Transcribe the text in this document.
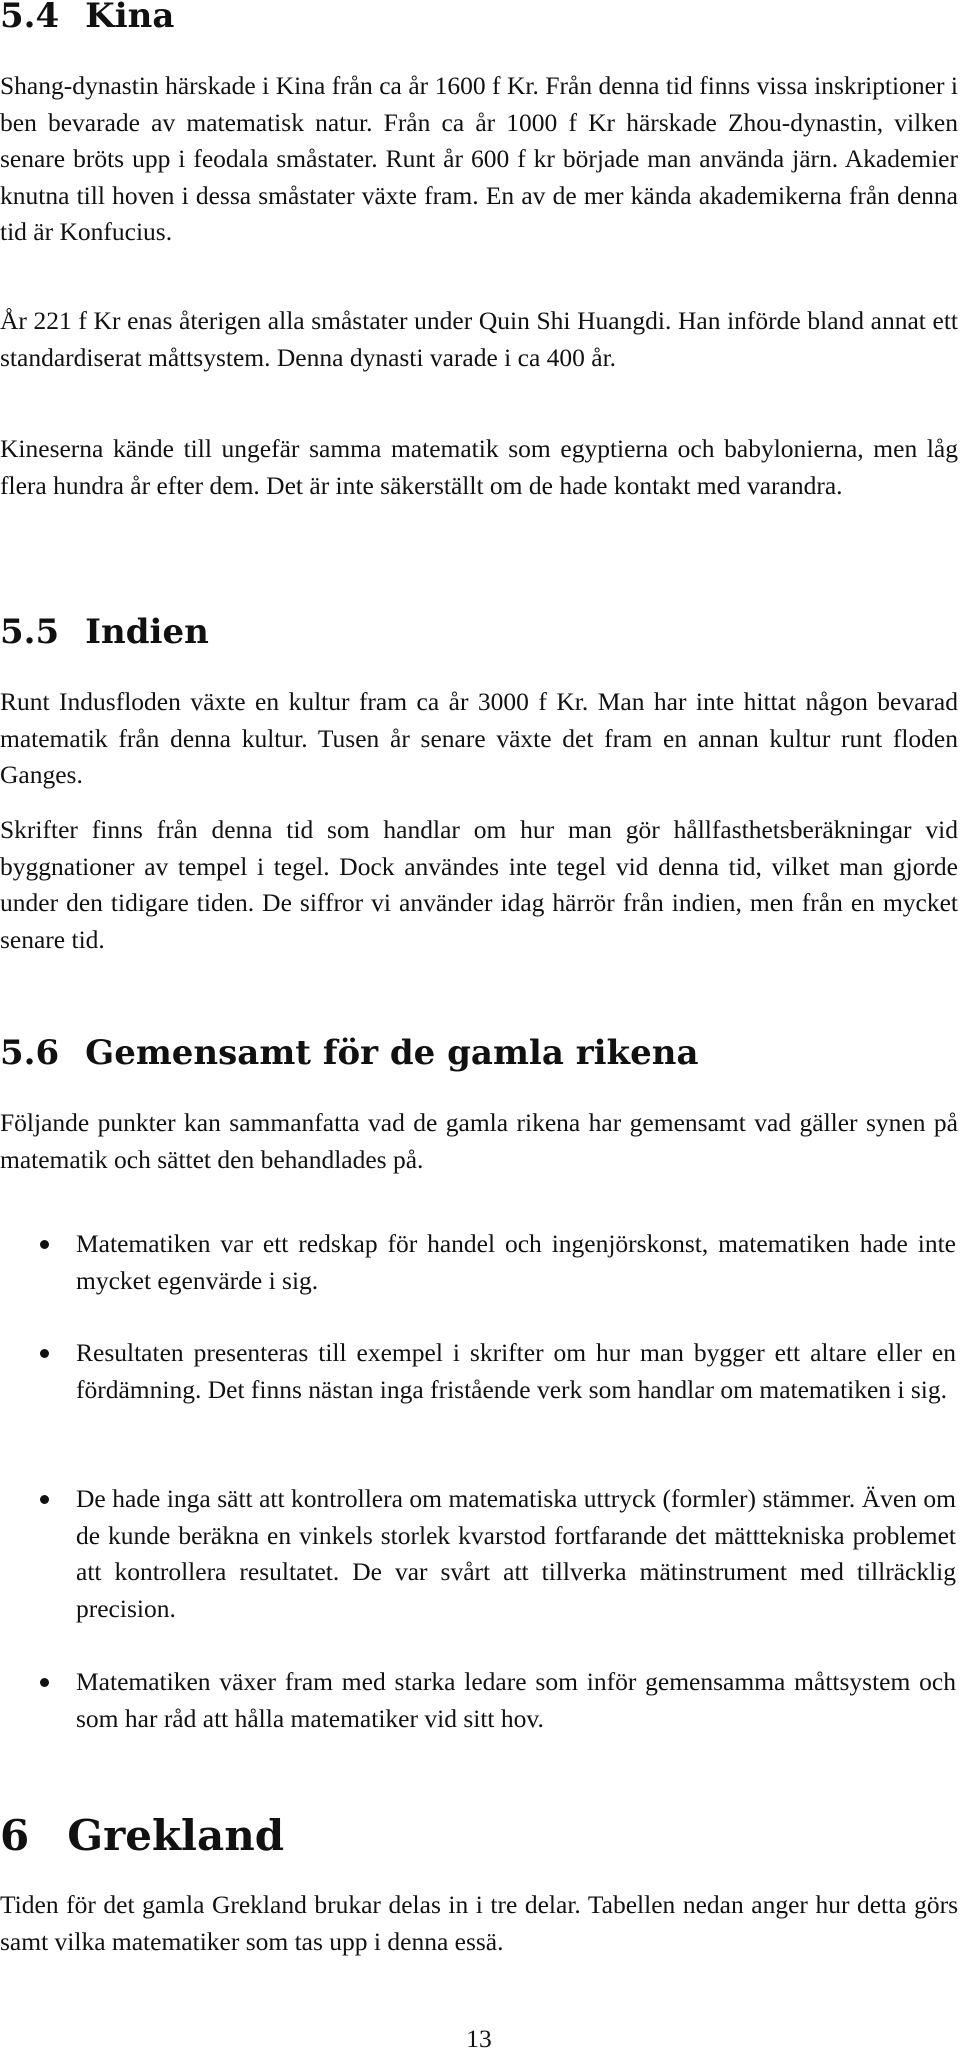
5.4 Kina

Shang-dynastin härskade i Kina från ca år 1600 f Kr. Från denna tid finns vissa inskriptioner i ben bevarade av matematisk natur. Från ca år 1000 f Kr härskade Zhou-dynastin, vilken senare bröts upp i feodala småstater. Runt år 600 f kr började man använda järn. Akademier knutna till hoven i dessa småstater växte fram. En av de mer kända akademikerna från denna tid är Konfucius.

År 221 f Kr enas återigen alla småstater under Quin Shi Huangdi. Han införde bland annat ett standardiserat måttsystem. Denna dynasti varade i ca 400 år.

Kineserna kände till ungefär samma matematik som egyptierna och babylonierna, men låg flera hundra år efter dem. Det är inte säkerställt om de hade kontakt med varandra.

5.5 Indien

Runt Indusfloden växte en kultur fram ca år 3000 f Kr. Man har inte hittat någon bevarad matematik från denna kultur. Tusen år senare växte det fram en annan kultur runt floden Ganges.

Skrifter finns från denna tid som handlar om hur man gör hållfasthetsberäkningar vid byggnationer av tempel i tegel. Dock användes inte tegel vid denna tid, vilket man gjorde under den tidigare tiden. De siffror vi använder idag härrör från indien, men från en mycket senare tid.

5.6 Gemensamt för de gamla rikena

Följande punkter kan sammanfatta vad de gamla rikena har gemensamt vad gäller synen på matematik och sättet den behandlades på.

Matematiken var ett redskap för handel och ingenjörskonst, matematiken hade inte mycket egenvärde i sig.

Resultaten presenteras till exempel i skrifter om hur man bygger ett altare eller en fördämning. Det finns nästan inga fristående verk som handlar om matematiken i sig.

De hade inga sätt att kontrollera om matematiska uttryck (formler) stämmer. Även om de kunde beräkna en vinkels storlek kvarstod fortfarande det mätttekniska problemet att kontrollera resultatet. De var svårt att tillverka mätinstrument med tillräcklig precision.

Matematiken växer fram med starka ledare som inför gemensamma måttsystem och som har råd att hålla matematiker vid sitt hov.

6 Grekland

Tiden för det gamla Grekland brukar delas in i tre delar. Tabellen nedan anger hur detta görs samt vilka matematiker som tas upp i denna essä.

13
